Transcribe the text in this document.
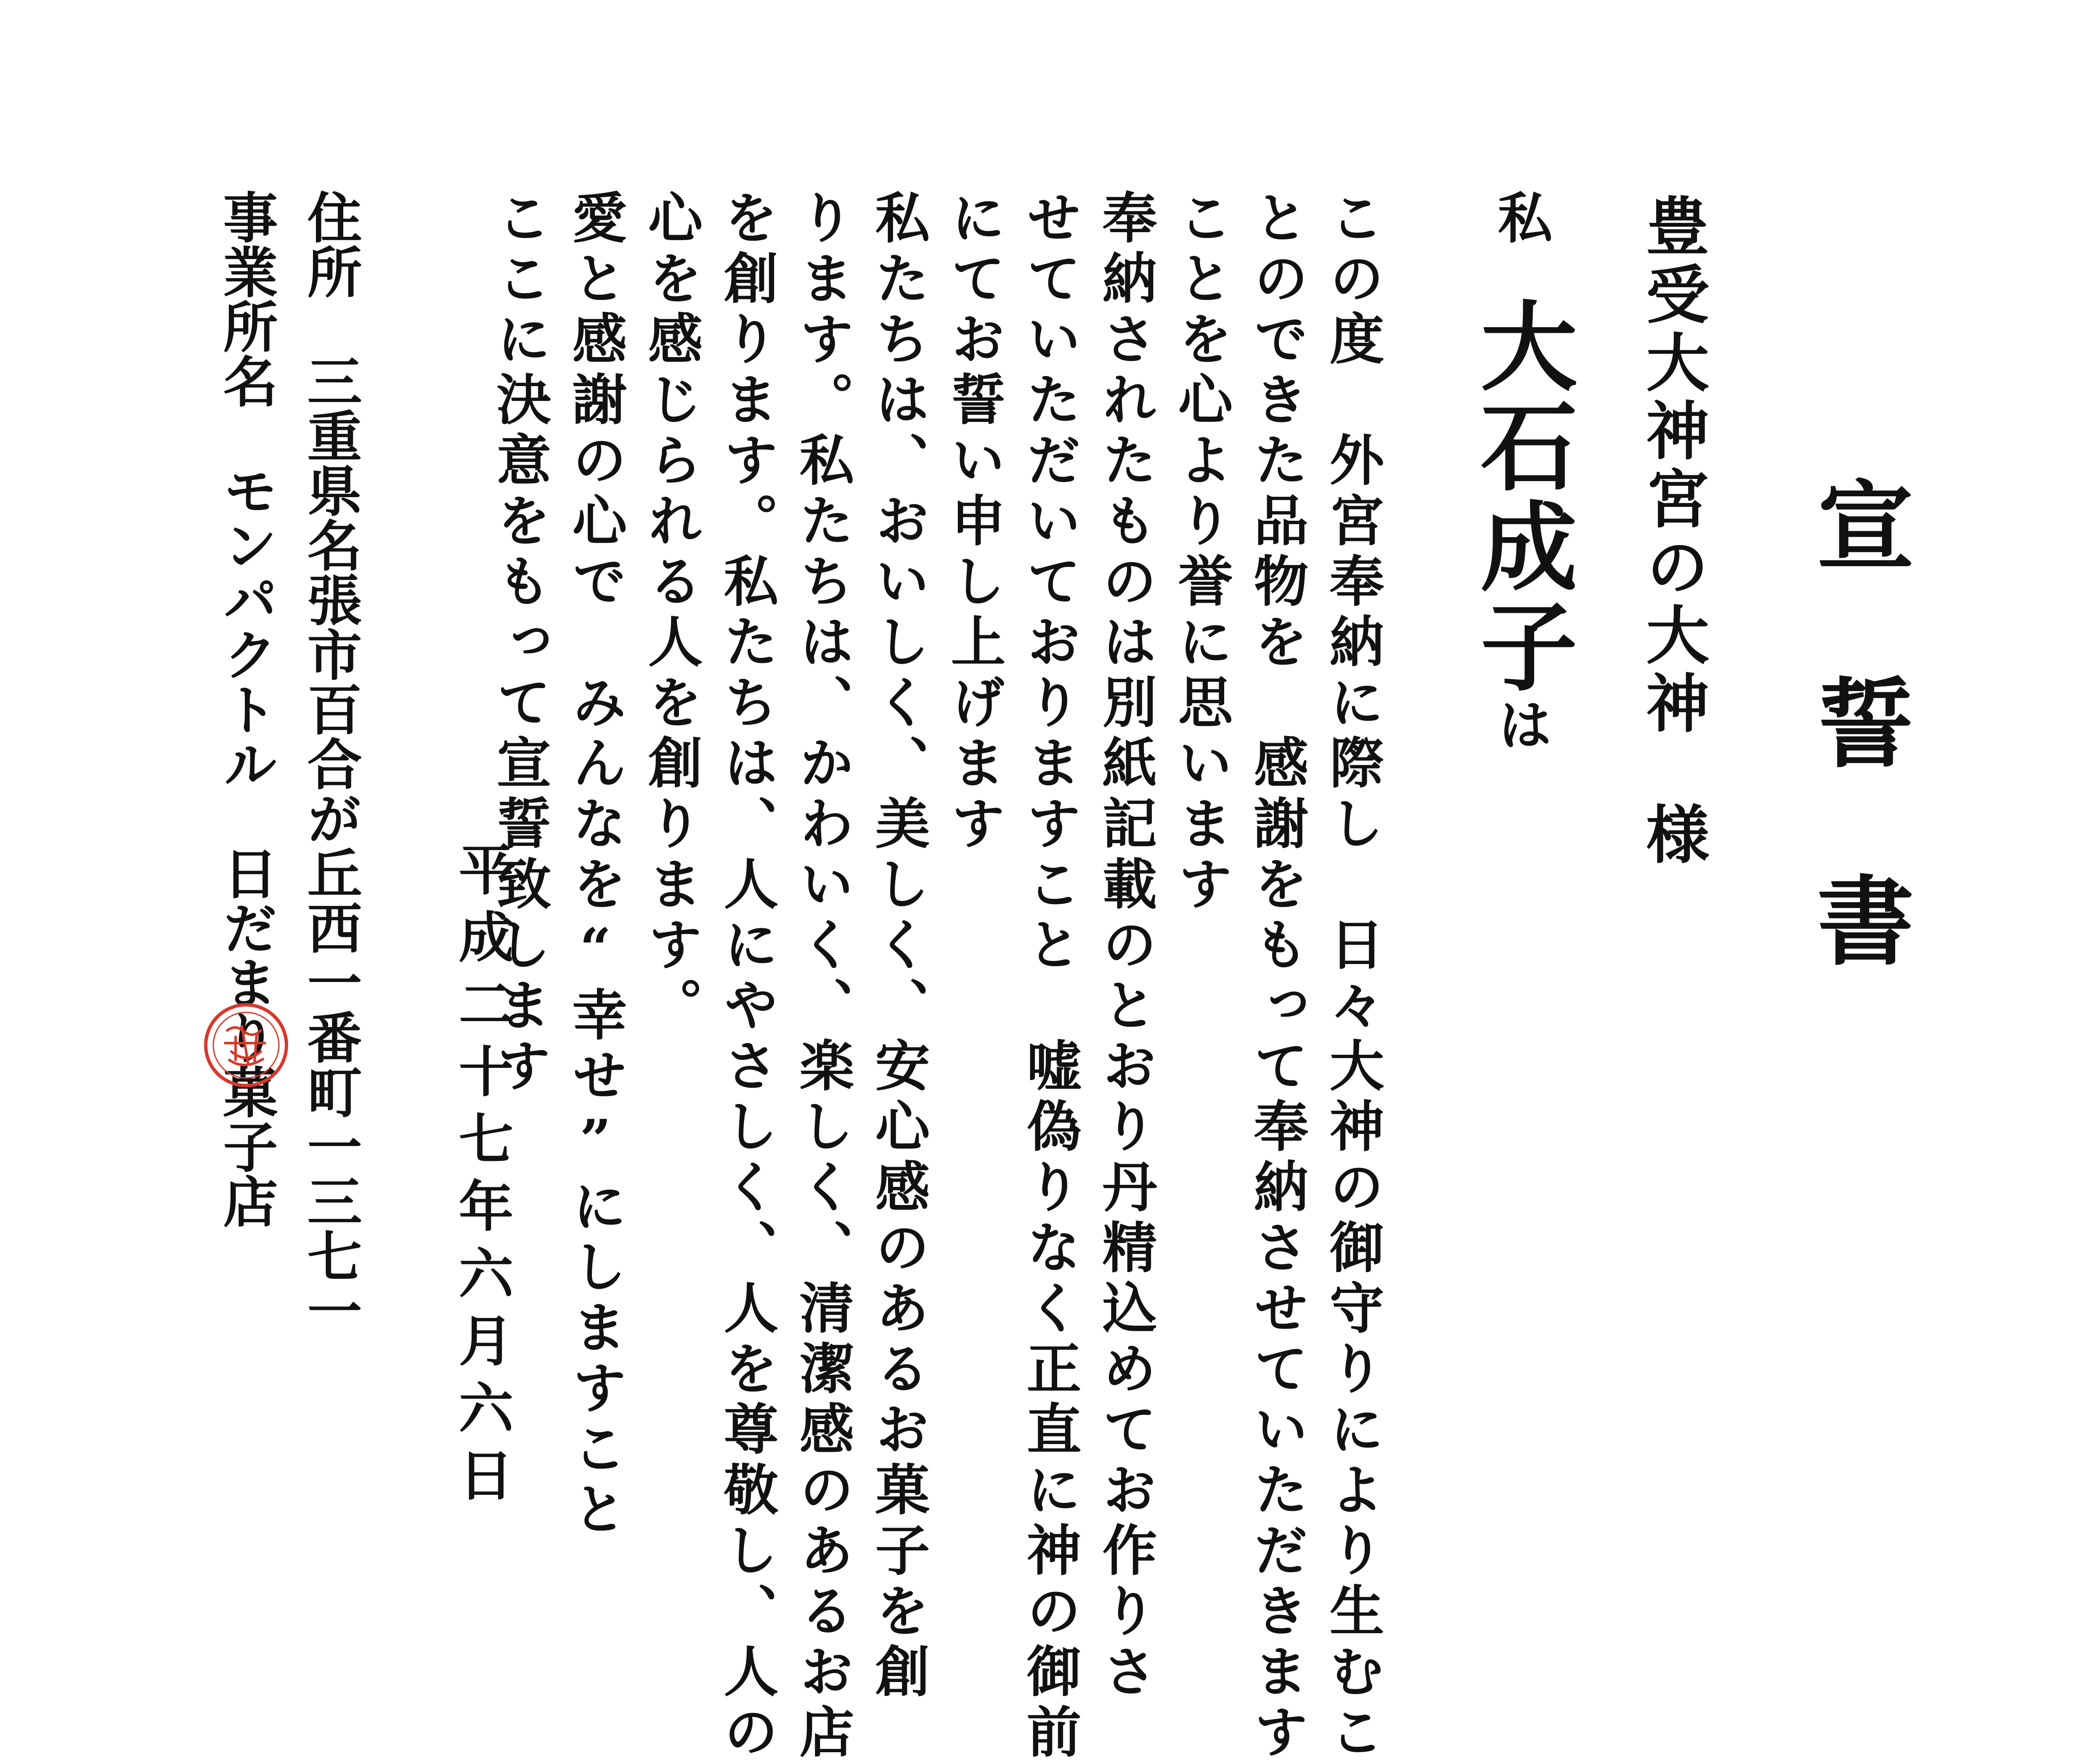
宣誓書
豊受大神宮の大神様
私大石成子は
この度　外宮奉納に際し　日々大神の御守りにより生むこ
とのできた品物を　感謝をもって奉納させていただきます
ことを心より誉に思います
奉納されたものは別紙記載のとおり丹精込めてお作りさ
せていただいておりますこと　嘘偽りなく正直に神の御前
にてお誓い申し上げます
私たちは、おいしく、美しく、安心感のあるお菓子を創
ります。私たちは、かわいく、楽しく、清潔感のあるお店
を創ります。私たちは、人にやさしく、人を尊敬し、人の
心を感じられる人を創ります。
愛と感謝の心で　みんなを“幸せ”にしますこと
ここに決意をもって宣誓致します
平成二十七年六月六日
住所三重県名張市百合が丘西一番町一三七一
事業所名モンパクトル　日だまり菓子店
